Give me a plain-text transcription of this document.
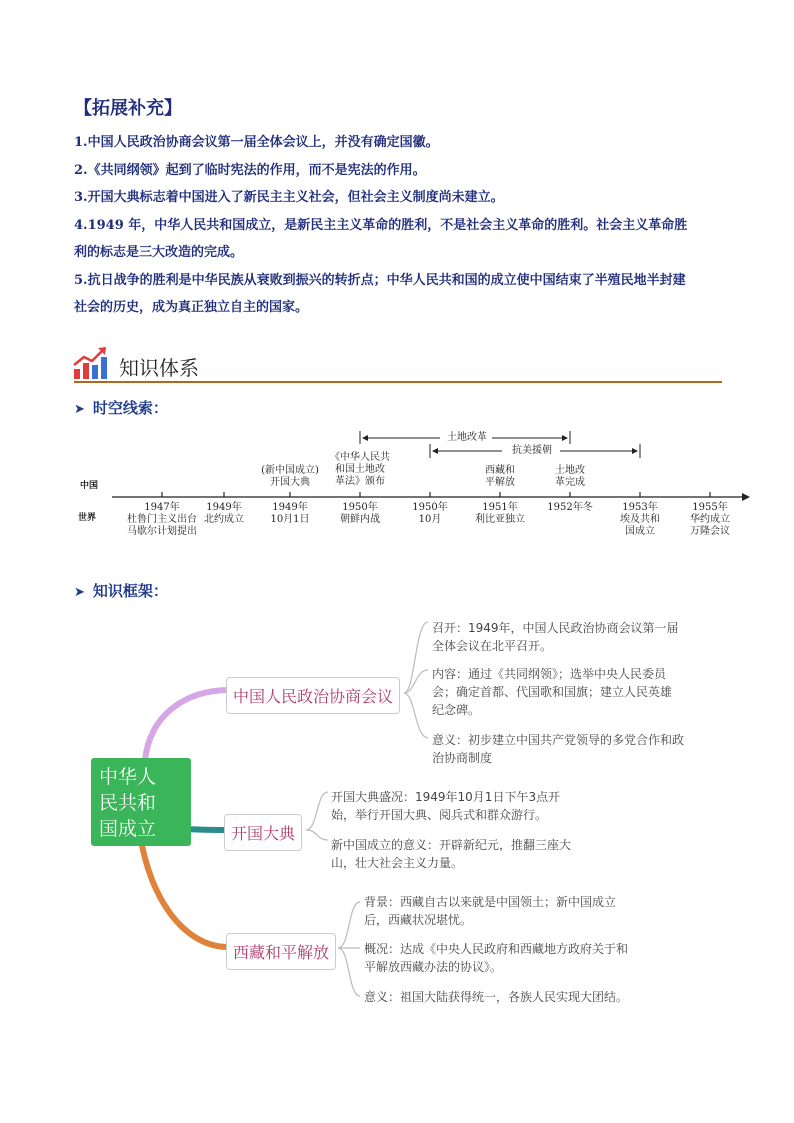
【拓展补充】
1.中国人民政治协商会议第一届全体会议上，并没有确定国徽。
2.《共同纲领》起到了临时宪法的作用，而不是宪法的作用。
3.开国大典标志着中国进入了新民主主义社会，但社会主义制度尚未建立。
4.1949 年，中华人民共和国成立，是新民主主义革命的胜利，不是社会主义革命的胜利。社会主义革命胜
利的标志是三大改造的完成。
5.抗日战争的胜利是中华民族从衰败到振兴的转折点；中华人民共和国的成立使中国结束了半殖民地半封建
社会的历史，成为真正独立自主的国家。
知识体系
➤ 时空线索：
中国
世界
土地改革
抗美援朝
(新中国成立)
开国大典
《中华人民共
和国土地改
革法》颁布
西藏和
平解放
土地改
革完成
1947年
杜鲁门主义出台
马歇尔计划提出
1949年
北约成立
1949年
10月1日
1950年
朝鲜内战
1950年
10月
1951年
利比亚独立
1952年冬	1953年
埃及共和
国成立
1955年
华约成立
万隆会议
➤ 知识框架：
中华人
民共和
国成立
中国人民政治协商会议
开国大典
西藏和平解放
召开：1949年，中国人民政治协商会议第一届
全体会议在北平召开。
内容：通过《共同纲领》；选举中央人民委员
会；确定首都、代国歌和国旗；建立人民英雄
纪念碑。
意义：初步建立中国共产党领导的多党合作和政
治协商制度
开国大典盛况：1949年10月1日下午3点开
始，举行开国大典、阅兵式和群众游行。
新中国成立的意义：开辟新纪元，推翻三座大
山，壮大社会主义力量。
背景：西藏自古以来就是中国领土；新中国成立
后，西藏状况堪忧。
概况：达成《中央人民政府和西藏地方政府关于和
平解放西藏办法的协议》。
意义：祖国大陆获得统一，各族人民实现大团结。
